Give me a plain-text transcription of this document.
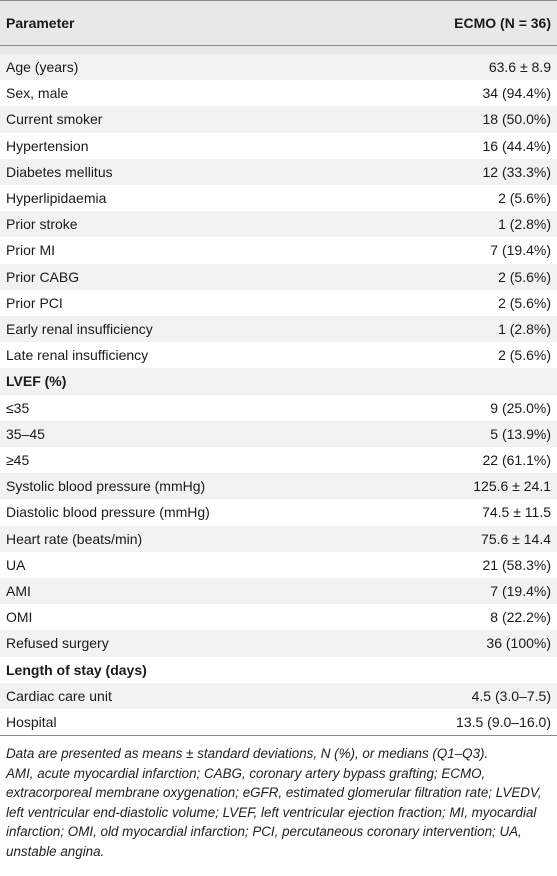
Parameter	ECMO (N = 36)

Age (years)	63.6 ± 8.9
Sex, male	34 (94.4%)
Current smoker	18 (50.0%)
Hypertension	16 (44.4%)
Diabetes mellitus	12 (33.3%)
Hyperlipidaemia	2 (5.6%)
Prior stroke	1 (2.8%)
Prior MI	7 (19.4%)
Prior CABG	2 (5.6%)
Prior PCI	2 (5.6%)
Early renal insufficiency	1 (2.8%)
Late renal insufficiency	2 (5.6%)
LVEF (%)	
≤35	9 (25.0%)
35–45	5 (13.9%)
≥45	22 (61.1%)
Systolic blood pressure (mmHg)	125.6 ± 24.1
Diastolic blood pressure (mmHg)	74.5 ± 11.5
Heart rate (beats/min)	75.6 ± 14.4
UA	21 (58.3%)
AMI	7 (19.4%)
OMI	8 (22.2%)
Refused surgery	36 (100%)
Length of stay (days)	
Cardiac care unit	4.5 (3.0–7.5)
Hospital	13.5 (9.0–16.0)

Data are presented as means ± standard deviations, N (%), or medians (Q1–Q3).

AMI, acute myocardial infarction; CABG, coronary artery bypass grafting; ECMO, extracorporeal membrane oxygenation; eGFR, estimated glomerular filtration rate; LVEDV, left ventricular end-diastolic volume; LVEF, left ventricular ejection fraction; MI, myocardial infarction; OMI, old myocardial infarction; PCI, percutaneous coronary intervention; UA, unstable angina.
